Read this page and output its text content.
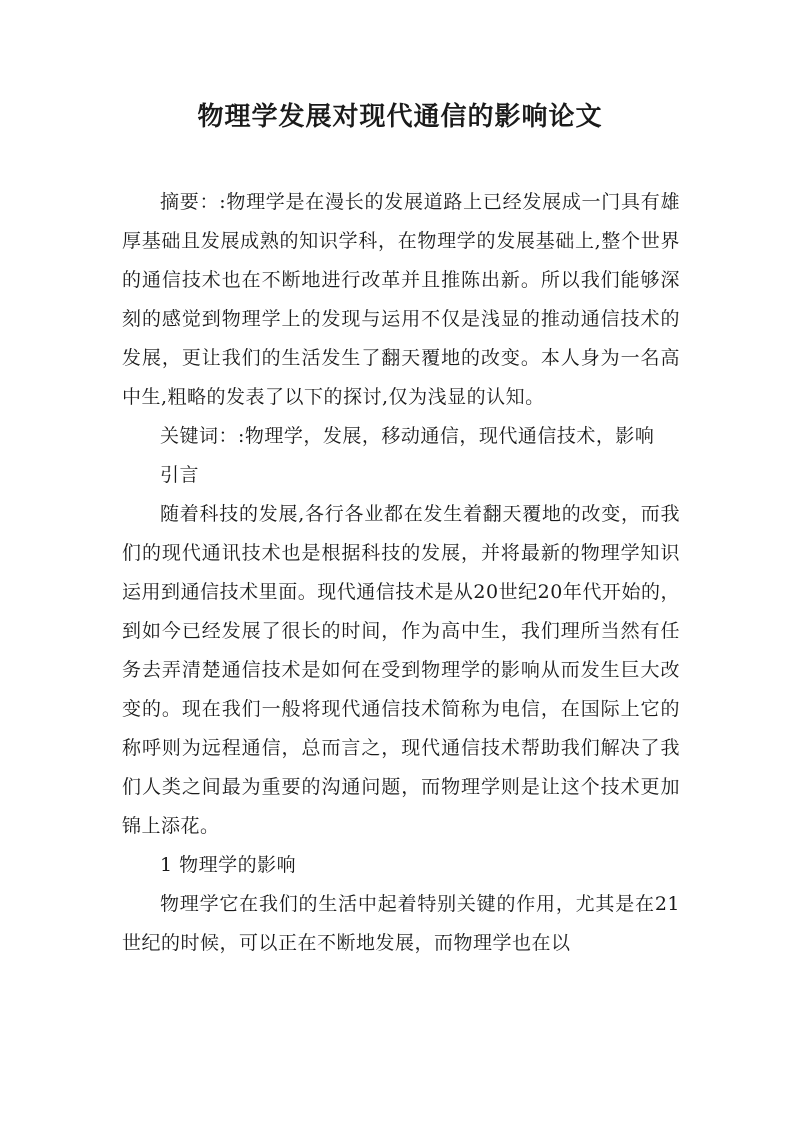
物理学发展对现代通信的影响论文

摘要：:物理学是在漫长的发展道路上已经发展成一门具有雄厚基础且发展成熟的知识学科，在物理学的发展基础上,整个世界的通信技术也在不断地进行改革并且推陈出新。所以我们能够深刻的感觉到物理学上的发现与运用不仅是浅显的推动通信技术的发展，更让我们的生活发生了翻天覆地的改变。本人身为一名高中生,粗略的发表了以下的探讨,仅为浅显的认知。

关键词：:物理学，发展，移动通信，现代通信技术，影响

引言

随着科技的发展,各行各业都在发生着翻天覆地的改变，而我们的现代通讯技术也是根据科技的发展，并将最新的物理学知识运用到通信技术里面。现代通信技术是从20世纪20年代开始的，到如今已经发展了很长的时间，作为高中生，我们理所当然有任务去弄清楚通信技术是如何在受到物理学的影响从而发生巨大改变的。现在我们一般将现代通信技术简称为电信，在国际上它的称呼则为远程通信，总而言之，现代通信技术帮助我们解决了我们人类之间最为重要的沟通问题，而物理学则是让这个技术更加锦上添花。

1 物理学的影响

物理学它在我们的生活中起着特别关键的作用，尤其是在21 世纪的时候，可以正在不断地发展，而物理学也在以
